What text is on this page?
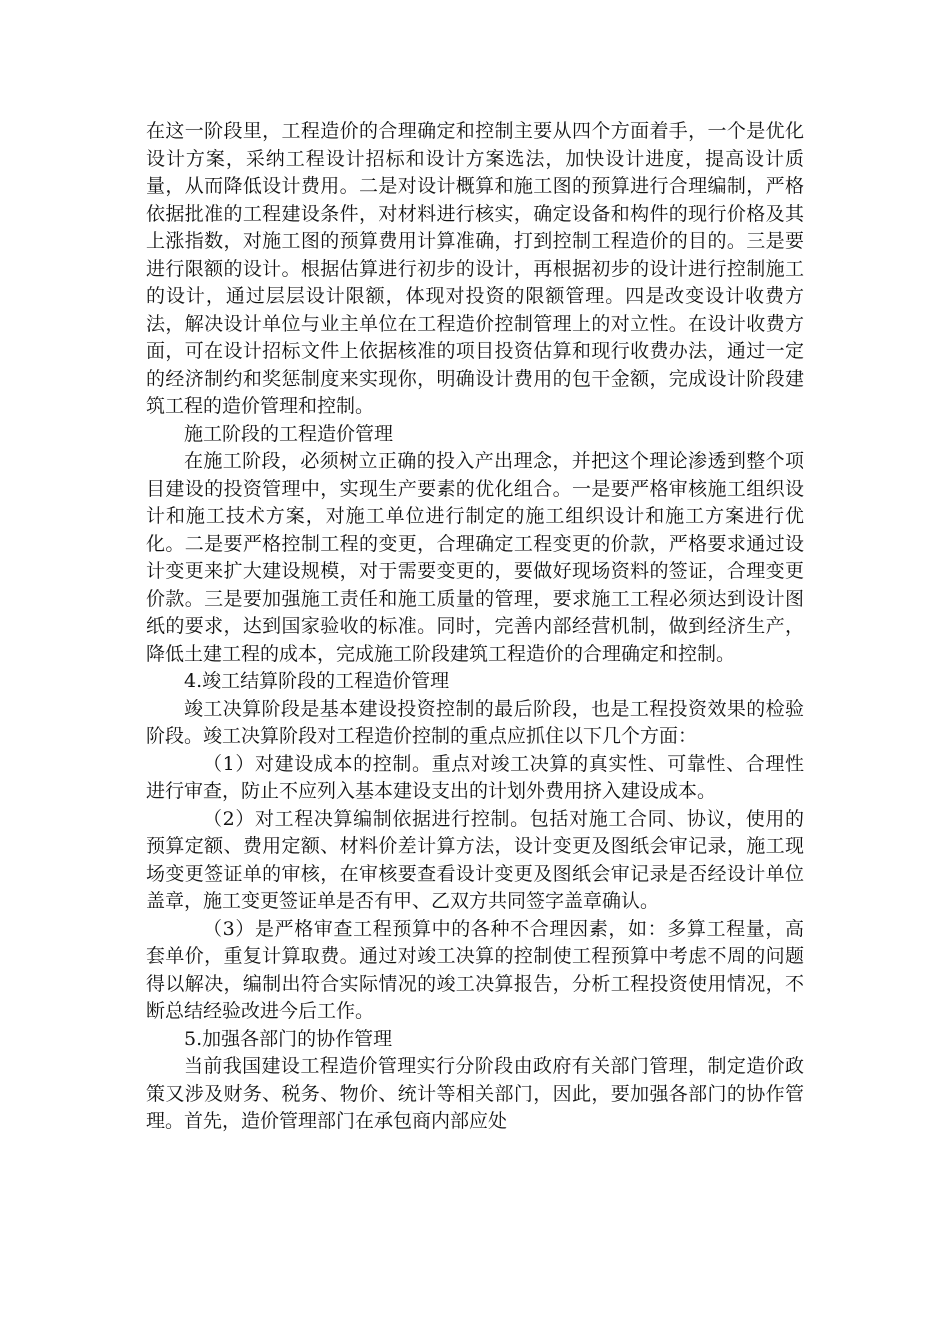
在这一阶段里，工程造价的合理确定和控制主要从四个方面着手，一个是优化设计方案，采纳工程设计招标和设计方案选法，加快设计进度，提高设计质量，从而降低设计费用。二是对设计概算和施工图的预算进行合理编制，严格依据批准的工程建设条件，对材料进行核实，确定设备和构件的现行价格及其上涨指数，对施工图的预算费用计算准确，打到控制工程造价的目的。三是要进行限额的设计。根据估算进行初步的设计，再根据初步的设计进行控制施工的设计，通过层层设计限额，体现对投资的限额管理。四是改变设计收费方法，解决设计单位与业主单位在工程造价控制管理上的对立性。在设计收费方面，可在设计招标文件上依据核准的项目投资估算和现行收费办法，通过一定的经济制约和奖惩制度来实现你，明确设计费用的包干金额，完成设计阶段建筑工程的造价管理和控制。

施工阶段的工程造价管理

在施工阶段，必须树立正确的投入产出理念，并把这个理论渗透到整个项目建设的投资管理中，实现生产要素的优化组合。一是要严格审核施工组织设计和施工技术方案，对施工单位进行制定的施工组织设计和施工方案进行优化。二是要严格控制工程的变更，合理确定工程变更的价款，严格要求通过设计变更来扩大建设规模，对于需要变更的，要做好现场资料的签证，合理变更价款。三是要加强施工责任和施工质量的管理，要求施工工程必须达到设计图纸的要求，达到国家验收的标准。同时，完善内部经营机制，做到经济生产，降低土建工程的成本，完成施工阶段建筑工程造价的合理确定和控制。

4.竣工结算阶段的工程造价管理

竣工决算阶段是基本建设投资控制的最后阶段，也是工程投资效果的检验阶段。竣工决算阶段对工程造价控制的重点应抓住以下几个方面：

（1）对建设成本的控制。重点对竣工决算的真实性、可靠性、合理性进行审查，防止不应列入基本建设支出的计划外费用挤入建设成本。

（2）对工程决算编制依据进行控制。包括对施工合同、协议，使用的预算定额、费用定额、材料价差计算方法，设计变更及图纸会审记录，施工现场变更签证单的审核，在审核要查看设计变更及图纸会审记录是否经设计单位盖章，施工变更签证单是否有甲、乙双方共同签字盖章确认。

（3）是严格审查工程预算中的各种不合理因素，如：多算工程量，高套单价，重复计算取费。通过对竣工决算的控制使工程预算中考虑不周的问题得以解决，编制出符合实际情况的竣工决算报告，分析工程投资使用情况，不断总结经验改进今后工作。

5.加强各部门的协作管理

当前我国建设工程造价管理实行分阶段由政府有关部门管理，制定造价政策又涉及财务、税务、物价、统计等相关部门，因此，要加强各部门的协作管理。首先，造价管理部门在承包商内部应处
